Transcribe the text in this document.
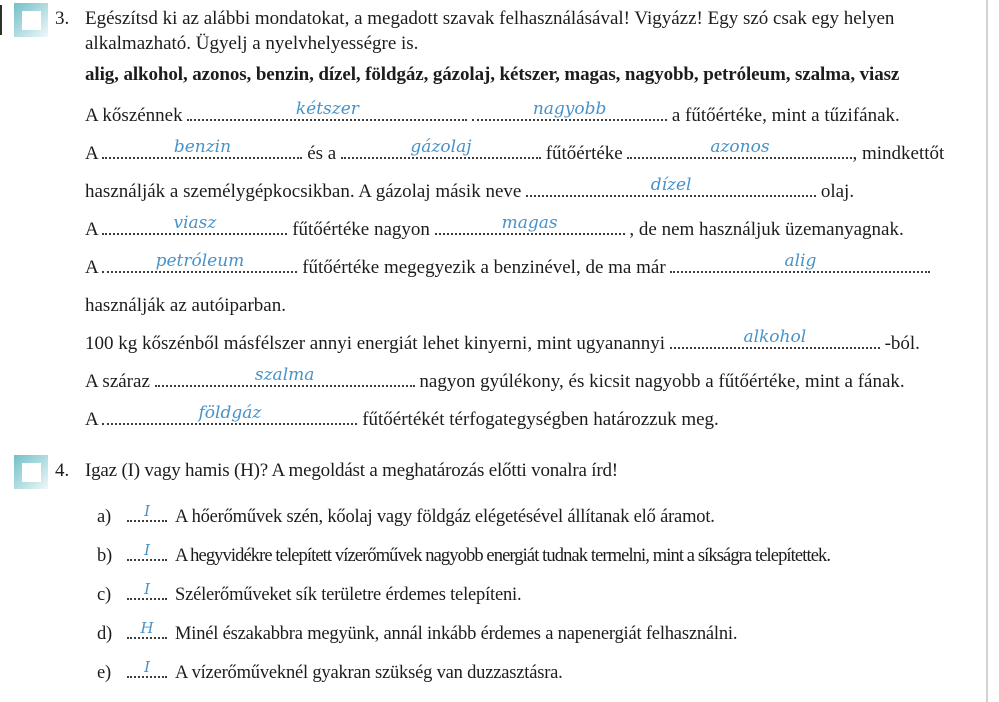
3. Egészítsd ki az alábbi mondatokat, a megadott szavak felhasználásával! Vigyázz! Egy szó csak egy helyen
alkalmazható. Ügyelj a nyelvhelyességre is.
alig, alkohol, azonos, benzin, dízel, földgáz, gázolaj, kétszer, magas, nagyobb, petróleum, szalma, viasz
A kőszénnek	kétszer
	nagyobb	a fűtőértéke, mint a tűzifának.
A	benzin	és a	gázolaj	fűtőértéke	azonos	, mindkettőt
használják a személygépkocsikban. A gázolaj másik neve	dízel	olaj.
A	viasz	fűtőértéke nagyon	magas	, de nem használjuk üzemanyagnak.
A	petróleum	fűtőértéke megegyezik a benzinével, de ma már	alig
használják az autóiparban.
100 kg kőszénből másfélszer annyi energiát lehet kinyerni, mint ugyanannyi	alkohol	-ból.
A száraz	szalma	nagyon gyúlékony, és kicsit nagyobb a fűtőértéke, mint a fának.
A	földgáz	fűtőértékét térfogategységben határozzuk meg.
4. Igaz (I) vagy hamis (H)? A megoldást a meghatározás előtti vonalra írd!
a)	I	A hőerőművek szén, kőolaj vagy földgáz elégetésével állítanak elő áramot.
b)	I	A hegyvidékre telepített vízerőművek nagyobb energiát tudnak termelni, mint a síkságra telepítettek.
c)	I	Szélerőműveket sík területre érdemes telepíteni.
d)	H	Minél északabbra megyünk, annál inkább érdemes a napenergiát felhasználni.
e)	I	A vízerőműveknél gyakran szükség van duzzasztásra.
